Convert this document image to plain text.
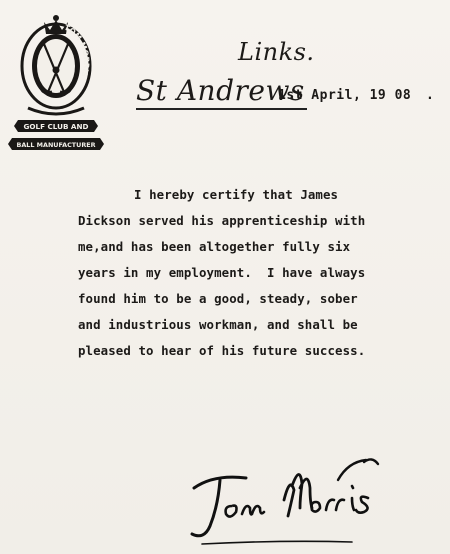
TOM MORRIS
GOLF CLUB AND
BALL MANUFACTURER
Links.
St Andrews
1st April, 19 08 .
I hereby certify that James
Dickson served his apprenticeship with
me,and has been altogether fully six
years in my employment.  I have always
found him to be a good, steady, sober
and industrious workman, and shall be
pleased to hear of his future success.
Tom Morris
